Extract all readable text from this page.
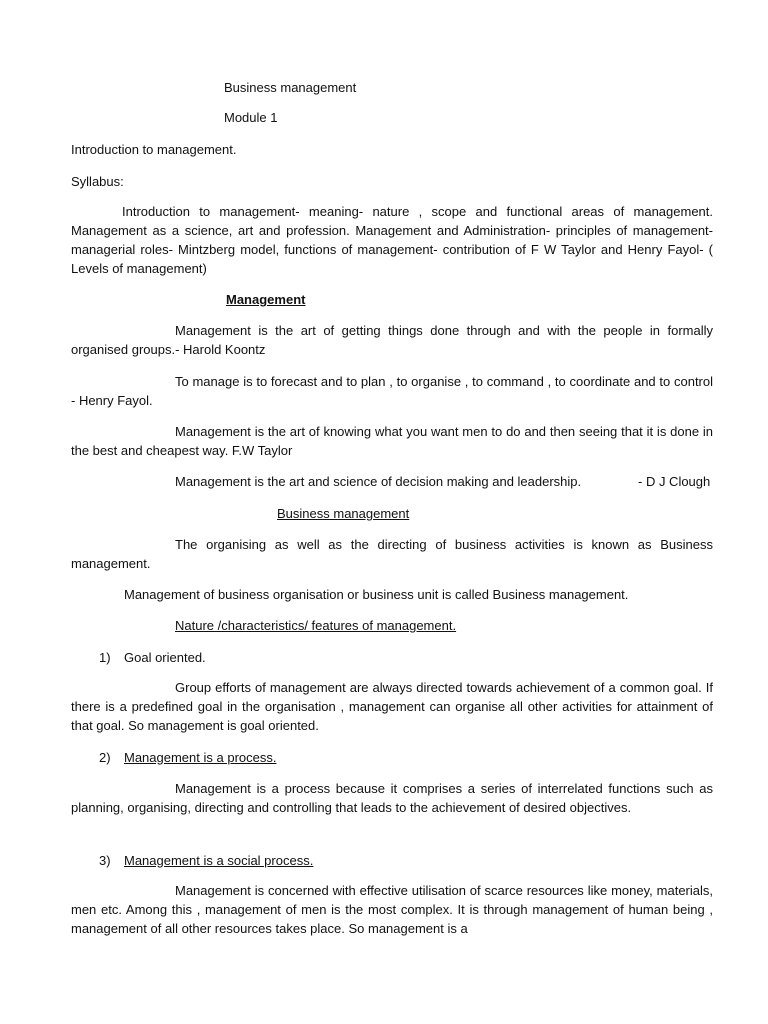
Business management
Module 1
Introduction to management.
Syllabus:

Introduction to management- meaning- nature , scope and functional areas of management. Management as a science, art and profession. Management and Administration- principles of management- managerial roles- Mintzberg model, functions of management- contribution of F W Taylor and Henry Fayol- ( Levels of management)

Management

Management is the art of getting things done through and with the people in formally organised groups.- Harold Koontz

To manage is to forecast and to plan , to organise , to command , to coordinate and to control - Henry Fayol.

Management is the art of knowing what you want men to do and then seeing that it is done in the best and cheapest way. F.W Taylor

Management is the art and science of decision making and leadership.	- D J Clough
Business management

The organising as well as the directing of business activities is known as Business management.

Management of business organisation or business unit is called Business management.
Nature /characteristics/ features of management.
1) Goal oriented.

Group efforts of management are always directed towards achievement of a common goal. If there is a predefined goal in the organisation , management can organise all other activities for attainment of that goal. So management is goal oriented.

2) Management is a process.

Management is a process because it comprises a series of interrelated functions such as planning, organising, directing and controlling that leads to the achievement of desired objectives.

3) Management is a social process.

Management is concerned with effective utilisation of scarce resources like money, materials, men etc. Among this , management of men is the most complex. It is through management of human being , management of all other resources takes place. So management is a
